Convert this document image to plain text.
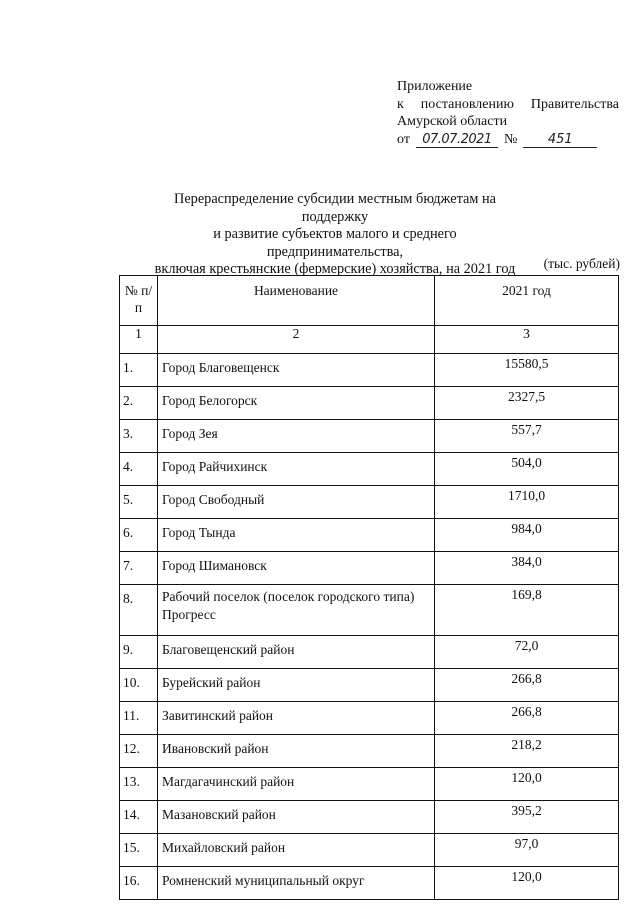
Приложение
к постановлению Правительства
Амурской области
от 07.07.2021 №	451
Перераспределение субсидии местным бюджетам на поддержку
и развитие субъектов малого и среднего предпринимательства,
включая крестьянские (фермерские) хозяйства, на 2021 год	(тыс. рублей)
№ п/п	Наименование	2021 год
1	2	3
1.	Город Благовещенск	15580,5
2.	Город Белогорск	2327,5
3.	Город Зея	557,7
4.	Город Райчихинск	504,0
5.	Город Свободный	1710,0
6.	Город Тында	984,0
7.	Город Шимановск	384,0
8.	Рабочий поселок (поселок городского типа) Прогресс	169,8
9.	Благовещенский район	72,0
10.	Бурейский район	266,8
11.	Завитинский район	266,8
12.	Ивановский район	218,2
13.	Магдагачинский район	120,0
14.	Мазановский район	395,2
15.	Михайловский район	97,0
16.	Ромненский муниципальный округ	120,0
